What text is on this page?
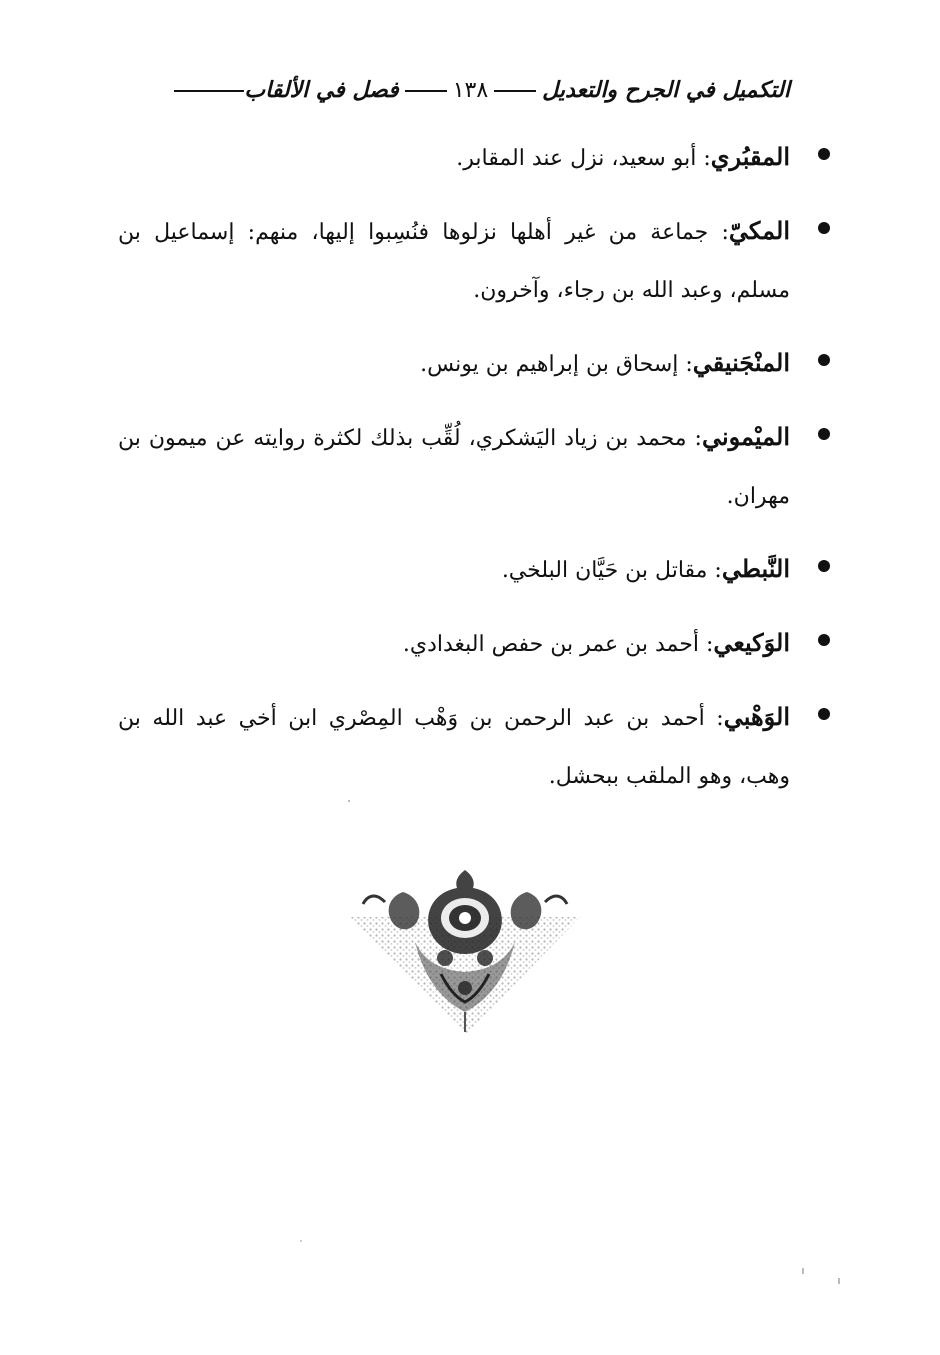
التكميل في الجرح والتعديل
١٣٨
فصل في الألقاب
المقبُري: أبو سعيد، نزل عند المقابر.
المكيّ: جماعة من غير أهلها نزلوها فنُسِبوا إليها، منهم: إسماعيل بن مسلم، وعبد الله بن رجاء، وآخرون.
المنْجَنيقي: إسحاق بن إبراهيم بن يونس.
الميْموني: محمد بن زياد اليَشكري، لُقِّب بذلك لكثرة روايته عن ميمون بن مهران.
النَّبطي: مقاتل بن حَيَّان البلخي.
الوَكيعي: أحمد بن عمر بن حفص البغدادي.
الوَهْبي: أحمد بن عبد الرحمن بن وَهْب المِصْري ابن أخي عبد الله بن وهب، وهو الملقب ببحشل.
